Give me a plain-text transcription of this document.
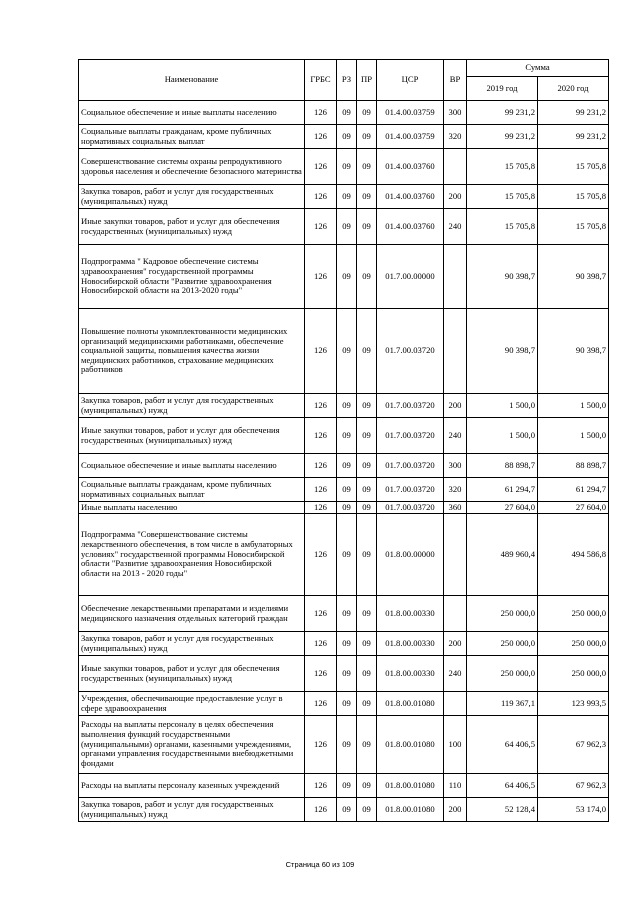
Наименование	ГРБС	РЗ	ПР	ЦСР	ВР	Сумма	
						2019 год	2020 год
Социальное обеспечение и иные выплаты населению	126	09	09	01.4.00.03759	300	99 231,2	99 231,2
Социальные выплаты гражданам, кроме публичных нормативных социальных выплат	126	09	09	01.4.00.03759	320	99 231,2	99 231,2
Совершенствование системы охраны репродуктивного здоровья населения и обеспечение безопасного материнства	126	09	09	01.4.00.03760		15 705,8	15 705,8
Закупка товаров, работ и услуг для государственных (муниципальных) нужд	126	09	09	01.4.00.03760	200	15 705,8	15 705,8
Иные закупки товаров, работ и услуг для обеспечения государственных (муниципальных) нужд	126	09	09	01.4.00.03760	240	15 705,8	15 705,8
Подпрограмма " Кадровое обеспечение системы здравоохранения" государственной программы Новосибирской области "Развитие здравоохранения Новосибирской области на 2013-2020 годы"	126	09	09	01.7.00.00000		90 398,7	90 398,7
Повышение полноты укомплектованности медицинских организаций медицинскими работниками, обеспечение социальной защиты, повышения качества жизни медицинских работников, страхование медицинских работников	126	09	09	01.7.00.03720		90 398,7	90 398,7
Закупка товаров, работ и услуг для государственных (муниципальных) нужд	126	09	09	01.7.00.03720	200	1 500,0	1 500,0
Иные закупки товаров, работ и услуг для обеспечения государственных (муниципальных) нужд	126	09	09	01.7.00.03720	240	1 500,0	1 500,0
Социальное обеспечение и иные выплаты населению	126	09	09	01.7.00.03720	300	88 898,7	88 898,7
Социальные выплаты гражданам, кроме публичных нормативных социальных выплат	126	09	09	01.7.00.03720	320	61 294,7	61 294,7
Иные выплаты населению	126	09	09	01.7.00.03720	360	27 604,0	27 604,0
Подпрограмма "Совершенствование системы лекарственного обеспечения, в том числе в амбулаторных условиях" государственной программы Новосибирской области "Развитие здравоохранения Новосибирской области на 2013 - 2020 годы"	126	09	09	01.8.00.00000		489 960,4	494 586,8
Обеспечение лекарственными препаратами и изделиями медицинского назначения отдельных категорий граждан	126	09	09	01.8.00.00330		250 000,0	250 000,0
Закупка товаров, работ и услуг для государственных (муниципальных) нужд	126	09	09	01.8.00.00330	200	250 000,0	250 000,0
Иные закупки товаров, работ и услуг для обеспечения государственных (муниципальных) нужд	126	09	09	01.8.00.00330	240	250 000,0	250 000,0
Учреждения, обеспечивающие предоставление услуг в сфере здравоохранения	126	09	09	01.8.00.01080		119 367,1	123 993,5
Расходы на выплаты персоналу в целях обеспечения выполнения функций государственными (муниципальными) органами, казенными учреждениями, органами управления государственными внебюджетными фондами	126	09	09	01.8.00.01080	100	64 406,5	67 962,3
Расходы на выплаты персоналу казенных учреждений	126	09	09	01.8.00.01080	110	64 406,5	67 962,3
Закупка товаров, работ и услуг для государственных (муниципальных) нужд	126	09	09	01.8.00.01080	200	52 128,4	53 174,0
Страница 60 из 109
